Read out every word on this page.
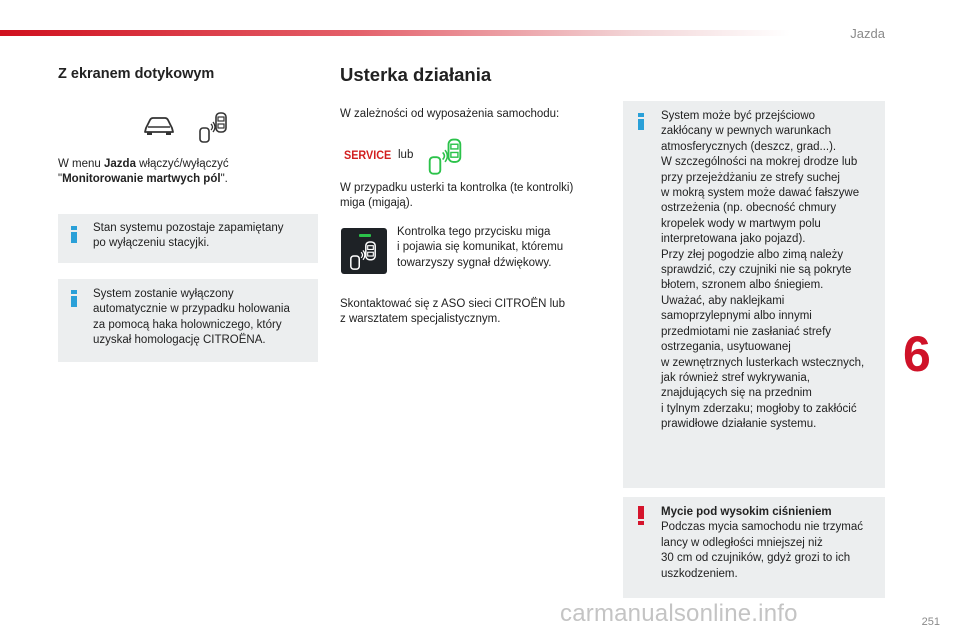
Jazda
Z ekranem dotykowym
W menu Jazda włączyć/wyłączyć
"Monitorowanie martwych pól".
Stan systemu pozostaje zapamiętany
po wyłączeniu stacyjki.
System zostanie wyłączony
automatycznie w przypadku holowania
za pomocą haka holowniczego, który
uzyskał homologację CITROËNA.
Usterka działania
W zależności od wyposażenia samochodu:
SERVICE lub
W przypadku usterki ta kontrolka (te kontrolki)
miga (migają).
Kontrolka tego przycisku miga
i pojawia się komunikat, któremu
towarzyszy sygnał dźwiękowy.
Skontaktować się z ASO sieci CITROËN lub
z warsztatem specjalistycznym.
System może być przejściowo
zakłócany w pewnych warunkach
atmosferycznych (deszcz, grad...).
W szczególności na mokrej drodze lub
przy przejeżdżaniu ze strefy suchej
w mokrą system może dawać fałszywe
ostrzeżenia (np. obecność chmury
kropelek wody w martwym polu
interpretowana jako pojazd).
Przy złej pogodzie albo zimą należy
sprawdzić, czy czujniki nie są pokryte
błotem, szronem albo śniegiem.
Uważać, aby naklejkami
samoprzylepnymi albo innymi
przedmiotami nie zasłaniać strefy
ostrzegania, usytuowanej
w zewnętrznych lusterkach wstecznych,
jak również stref wykrywania,
znajdujących się na przednim
i tylnym zderzaku; mogłoby to zakłócić
prawidłowe działanie systemu.

Mycie pod wysokim ciśnieniem
Podczas mycia samochodu nie trzymać
lancy w odległości mniejszej niż
30 cm od czujników, gdyż grozi to ich
uszkodzeniem.
6
carmanualsonline.info	251
